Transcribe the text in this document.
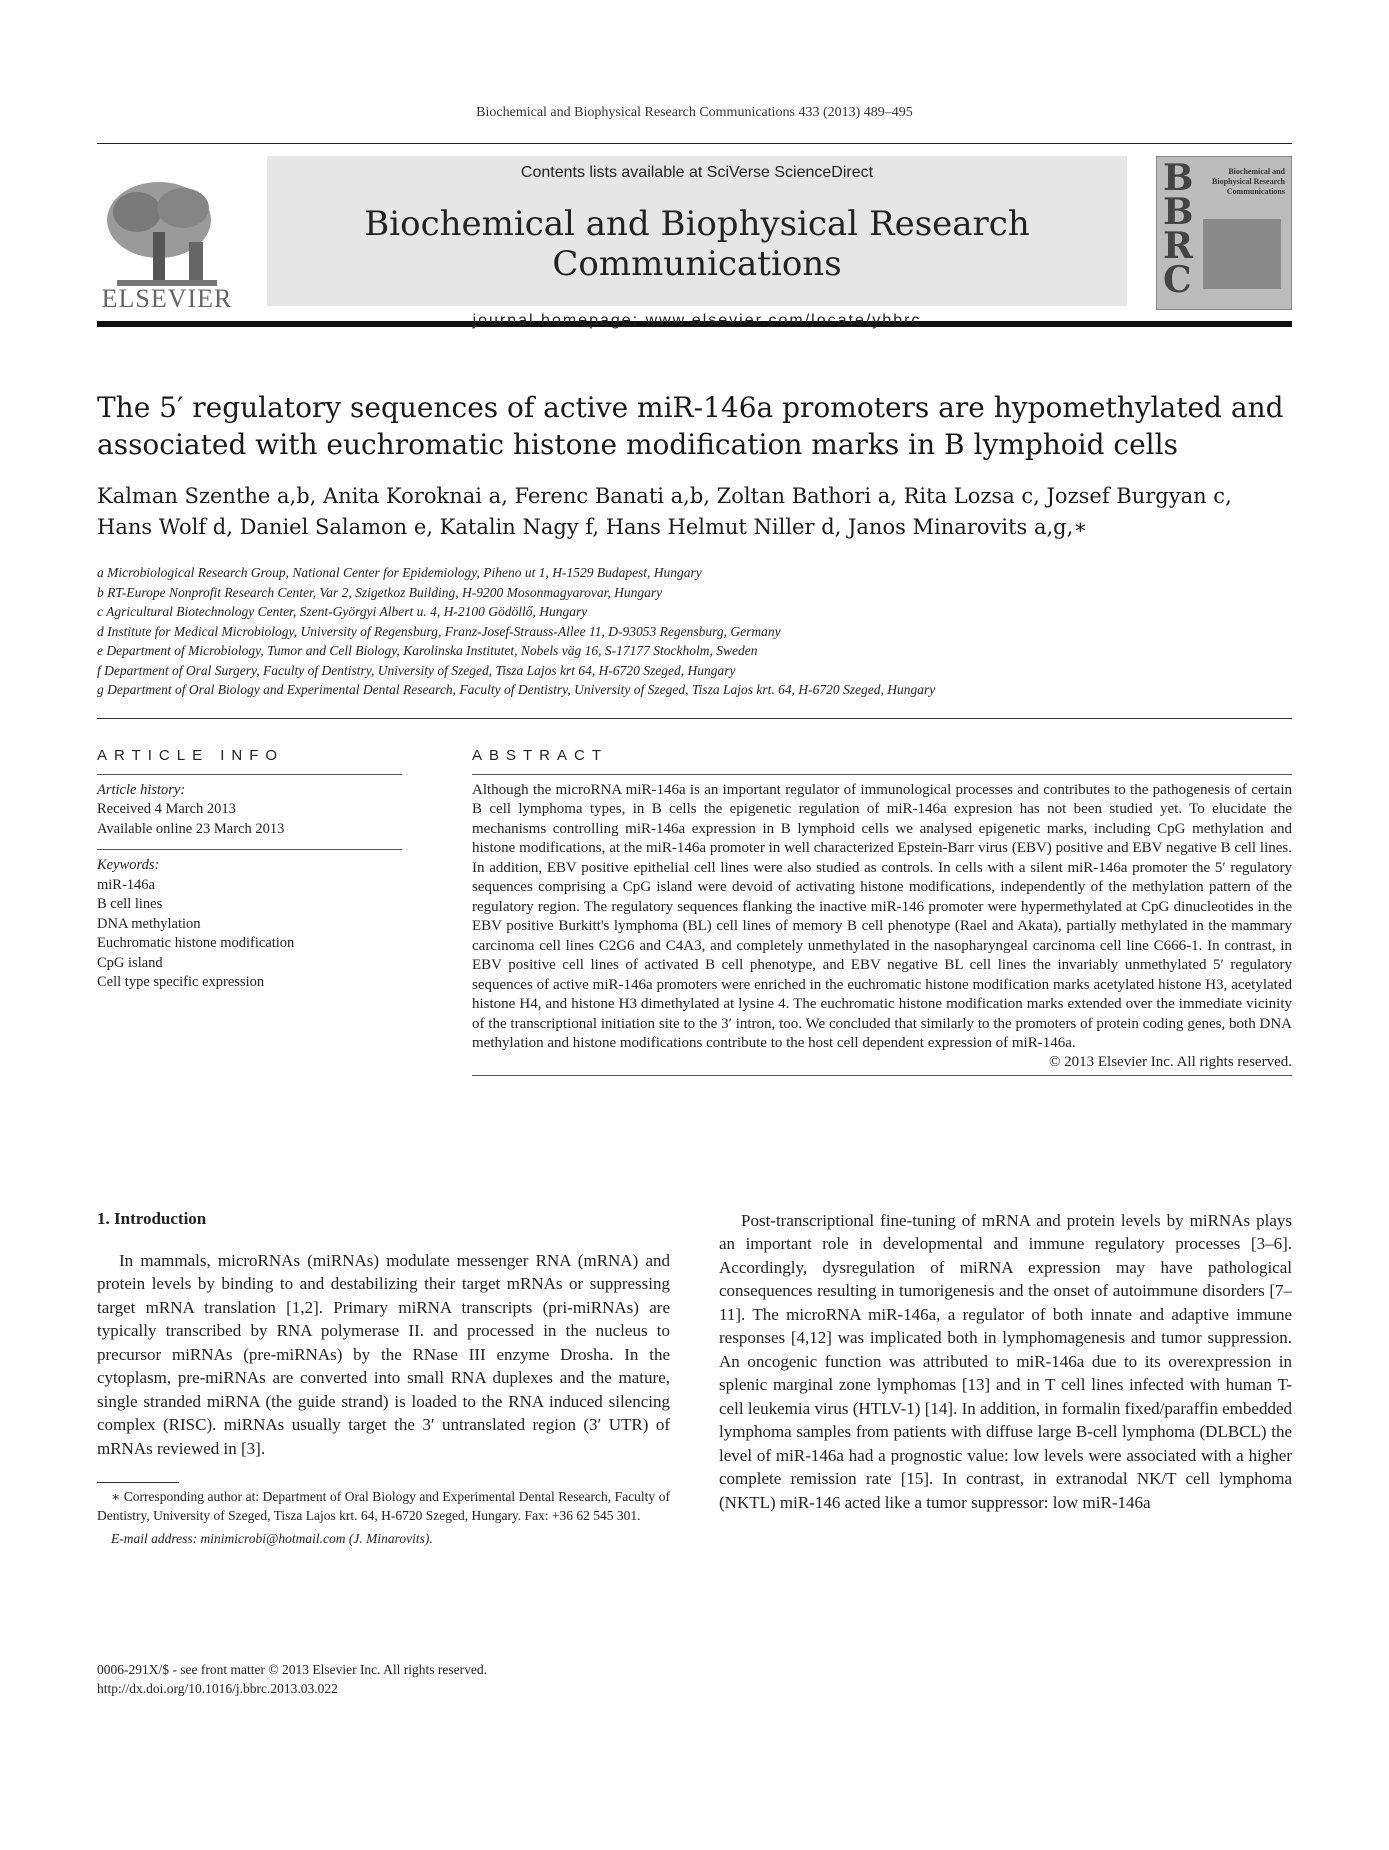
Biochemical and Biophysical Research Communications 433 (2013) 489–495
ELSEVIER
Contents lists available at SciVerse ScienceDirect
Biochemical and Biophysical Research Communications
journal homepage: www.elsevier.com/locate/ybbrc
B
B
R
C
Biochemical and Biophysical Research Communications
The 5′ regulatory sequences of active miR-146a promoters are hypomethylated and associated with euchromatic histone modification marks in B lymphoid cells
Kalman Szenthe a,b, Anita Koroknai a, Ferenc Banati a,b, Zoltan Bathori a, Rita Lozsa c, Jozsef Burgyan c,
Hans Wolf d, Daniel Salamon e, Katalin Nagy f, Hans Helmut Niller d, Janos Minarovits a,g,∗
a Microbiological Research Group, National Center for Epidemiology, Piheno ut 1, H-1529 Budapest, Hungary
b RT-Europe Nonprofit Research Center, Var 2, Szigetkoz Building, H-9200 Mosonmagyarovar, Hungary
c Agricultural Biotechnology Center, Szent-Györgyi Albert u. 4, H-2100 Gödöllő, Hungary
d Institute for Medical Microbiology, University of Regensburg, Franz-Josef-Strauss-Allee 11, D-93053 Regensburg, Germany
e Department of Microbiology, Tumor and Cell Biology, Karolinska Institutet, Nobels väg 16, S-17177 Stockholm, Sweden
f Department of Oral Surgery, Faculty of Dentistry, University of Szeged, Tisza Lajos krt 64, H-6720 Szeged, Hungary
g Department of Oral Biology and Experimental Dental Research, Faculty of Dentistry, University of Szeged, Tisza Lajos krt. 64, H-6720 Szeged, Hungary
ARTICLE INFO
Article history:
Received 4 March 2013
Available online 23 March 2013
Keywords:
miR-146a
B cell lines
DNA methylation
Euchromatic histone modification
CpG island
Cell type specific expression
ABSTRACT
Although the microRNA miR-146a is an important regulator of immunological processes and contributes to the pathogenesis of certain B cell lymphoma types, in B cells the epigenetic regulation of miR-146a expresion has not been studied yet. To elucidate the mechanisms controlling miR-146a expression in B lymphoid cells we analysed epigenetic marks, including CpG methylation and histone modifications, at the miR-146a promoter in well characterized Epstein-Barr virus (EBV) positive and EBV negative B cell lines. In addition, EBV positive epithelial cell lines were also studied as controls. In cells with a silent miR-146a promoter the 5′ regulatory sequences comprising a CpG island were devoid of activating histone modifications, independently of the methylation pattern of the regulatory region. The regulatory sequences flanking the inactive miR-146 promoter were hypermethylated at CpG dinucleotides in the EBV positive Burkitt's lymphoma (BL) cell lines of memory B cell phenotype (Rael and Akata), partially methylated in the mammary carcinoma cell lines C2G6 and C4A3, and completely unmethylated in the nasopharyngeal carcinoma cell line C666-1. In contrast, in EBV positive cell lines of activated B cell phenotype, and EBV negative BL cell lines the invariably unmethylated 5′ regulatory sequences of active miR-146a promoters were enriched in the euchromatic histone modification marks acetylated histone H3, acetylated histone H4, and histone H3 dimethylated at lysine 4. The euchromatic histone modification marks extended over the immediate vicinity of the transcriptional initiation site to the 3′ intron, too. We concluded that similarly to the promoters of protein coding genes, both DNA methylation and histone modifications contribute to the host cell dependent expression of miR-146a.
© 2013 Elsevier Inc. All rights reserved.
1. Introduction
In mammals, microRNAs (miRNAs) modulate messenger RNA (mRNA) and protein levels by binding to and destabilizing their target mRNAs or suppressing target mRNA translation [1,2]. Primary miRNA transcripts (pri-miRNAs) are typically transcribed by RNA polymerase II. and processed in the nucleus to precursor miRNAs (pre-miRNAs) by the RNase III enzyme Drosha. In the cytoplasm, pre-miRNAs are converted into small RNA duplexes and the mature, single stranded miRNA (the guide strand) is loaded to the RNA induced silencing complex (RISC). miRNAs usually target the 3′ untranslated region (3′ UTR) of mRNAs reviewed in [3].
∗ Corresponding author at: Department of Oral Biology and Experimental Dental Research, Faculty of Dentistry, University of Szeged, Tisza Lajos krt. 64, H-6720 Szeged, Hungary. Fax: +36 62 545 301.
E-mail address: minimicrobi@hotmail.com (J. Minarovits).
Post-transcriptional fine-tuning of mRNA and protein levels by miRNAs plays an important role in developmental and immune regulatory processes [3–6]. Accordingly, dysregulation of miRNA expression may have pathological consequences resulting in tumorigenesis and the onset of autoimmune disorders [7–11]. The microRNA miR-146a, a regulator of both innate and adaptive immune responses [4,12] was implicated both in lymphomagenesis and tumor suppression. An oncogenic function was attributed to miR-146a due to its overexpression in splenic marginal zone lymphomas [13] and in T cell lines infected with human T-cell leukemia virus (HTLV-1) [14]. In addition, in formalin fixed/paraffin embedded lymphoma samples from patients with diffuse large B-cell lymphoma (DLBCL) the level of miR-146a had a prognostic value: low levels were associated with a higher complete remission rate [15]. In contrast, in extranodal NK/T cell lymphoma (NKTL) miR-146 acted like a tumor suppressor: low miR-146a
0006-291X/$ - see front matter © 2013 Elsevier Inc. All rights reserved.
http://dx.doi.org/10.1016/j.bbrc.2013.03.022
